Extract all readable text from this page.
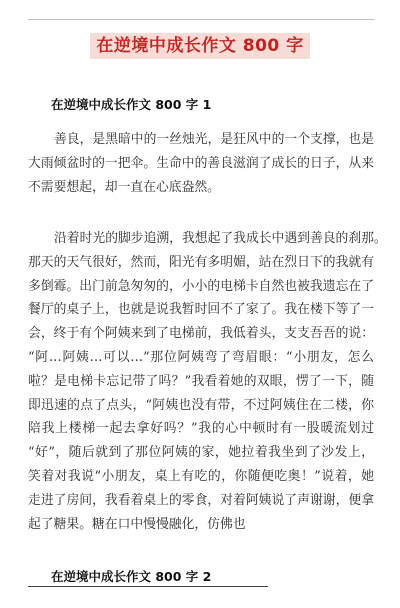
在逆境中成长作文 800 字
在逆境中成长作文 800 字 1
善良，是黑暗中的一丝烛光，是狂风中的一个支撑，也是
大雨倾盆时的一把伞。生命中的善良滋润了成长的日子，从来
不需要想起，却一直在心底盎然。
沿着时光的脚步追溯，我想起了我成长中遇到善良的刹那。
那天的天气很好，然而，阳光有多明媚，站在烈日下的我就有
多倒霉。出门前急匆匆的，小小的电梯卡自然也被我遗忘在了
餐厅的桌子上，也就是说我暂时回不了家了。我在楼下等了一
会，终于有个阿姨来到了电梯前，我低着头，支支吾吾的说：
“阿…阿姨…可以…”那位阿姨弯了弯眉眼：“小朋友，怎么
啦？是电梯卡忘记带了吗？”我看着她的双眼，愣了一下，随
即迅速的点了点头，“阿姨也没有带，不过阿姨住在二楼，你
陪我上楼梯一起去拿好吗？”我的心中顿时有一股暖流划过
“好”，随后就到了那位阿姨的家，她拉着我坐到了沙发上，
笑着对我说“小朋友，桌上有吃的，你随便吃奥！”说着，她
走进了房间，我看着桌上的零食，对着阿姨说了声谢谢，便拿
起了糖果。糖在口中慢慢融化，仿佛也
在逆境中成长作文 800 字 2
